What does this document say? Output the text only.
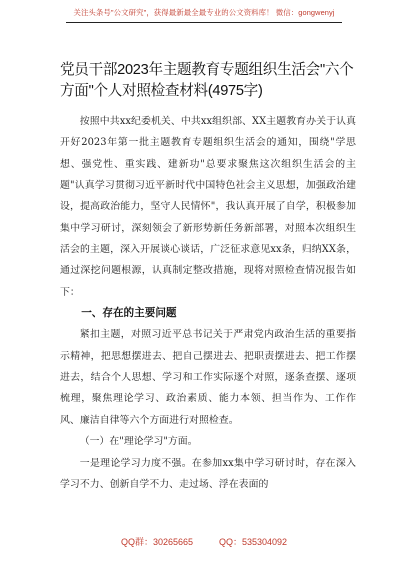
关注头条号"公文研究"，获得最新最全最专业的公文资料库！ 微信：gongwenyj
党员干部2023年主题教育专题组织生活会"六个方面"个人对照检查材料(4975字)

按照中共xx纪委机关、中共xx组织部、XX主题教育办关于认真开好2023年第一批主题教育专题组织生活会的通知，围绕"学思想、强党性、重实践、建新功"总要求聚焦这次组织生活会的主题"认真学习贯彻习近平新时代中国特色社会主义思想，加强政治建设，提高政治能力，坚守人民情怀"，我认真开展了自学，积极参加集中学习研讨，深刻领会了新形势新任务新部署，对照本次组织生活会的主题，深入开展谈心谈话，广泛征求意见xx条，归纳XX条，通过深挖问题根源，认真制定整改措施，现将对照检查情况报告如下：

一、存在的主要问题

紧扣主题，对照习近平总书记关于严肃党内政治生活的重要指示精神，把思想摆进去、把自己摆进去、把职责摆进去、把工作摆进去，结合个人思想、学习和工作实际逐个对照，逐条查摆、逐项梳理，聚焦理论学习、政治素质、能力本领、担当作为、工作作风、廉洁自律等六个方面进行对照检查。

（一）在"理论学习"方面。

一是理论学习力度不强。在参加xx集中学习研讨时，存在深入学习不力、创新自学不力、走过场、浮在表面的

QQ群：30265665	QQ：535304092
